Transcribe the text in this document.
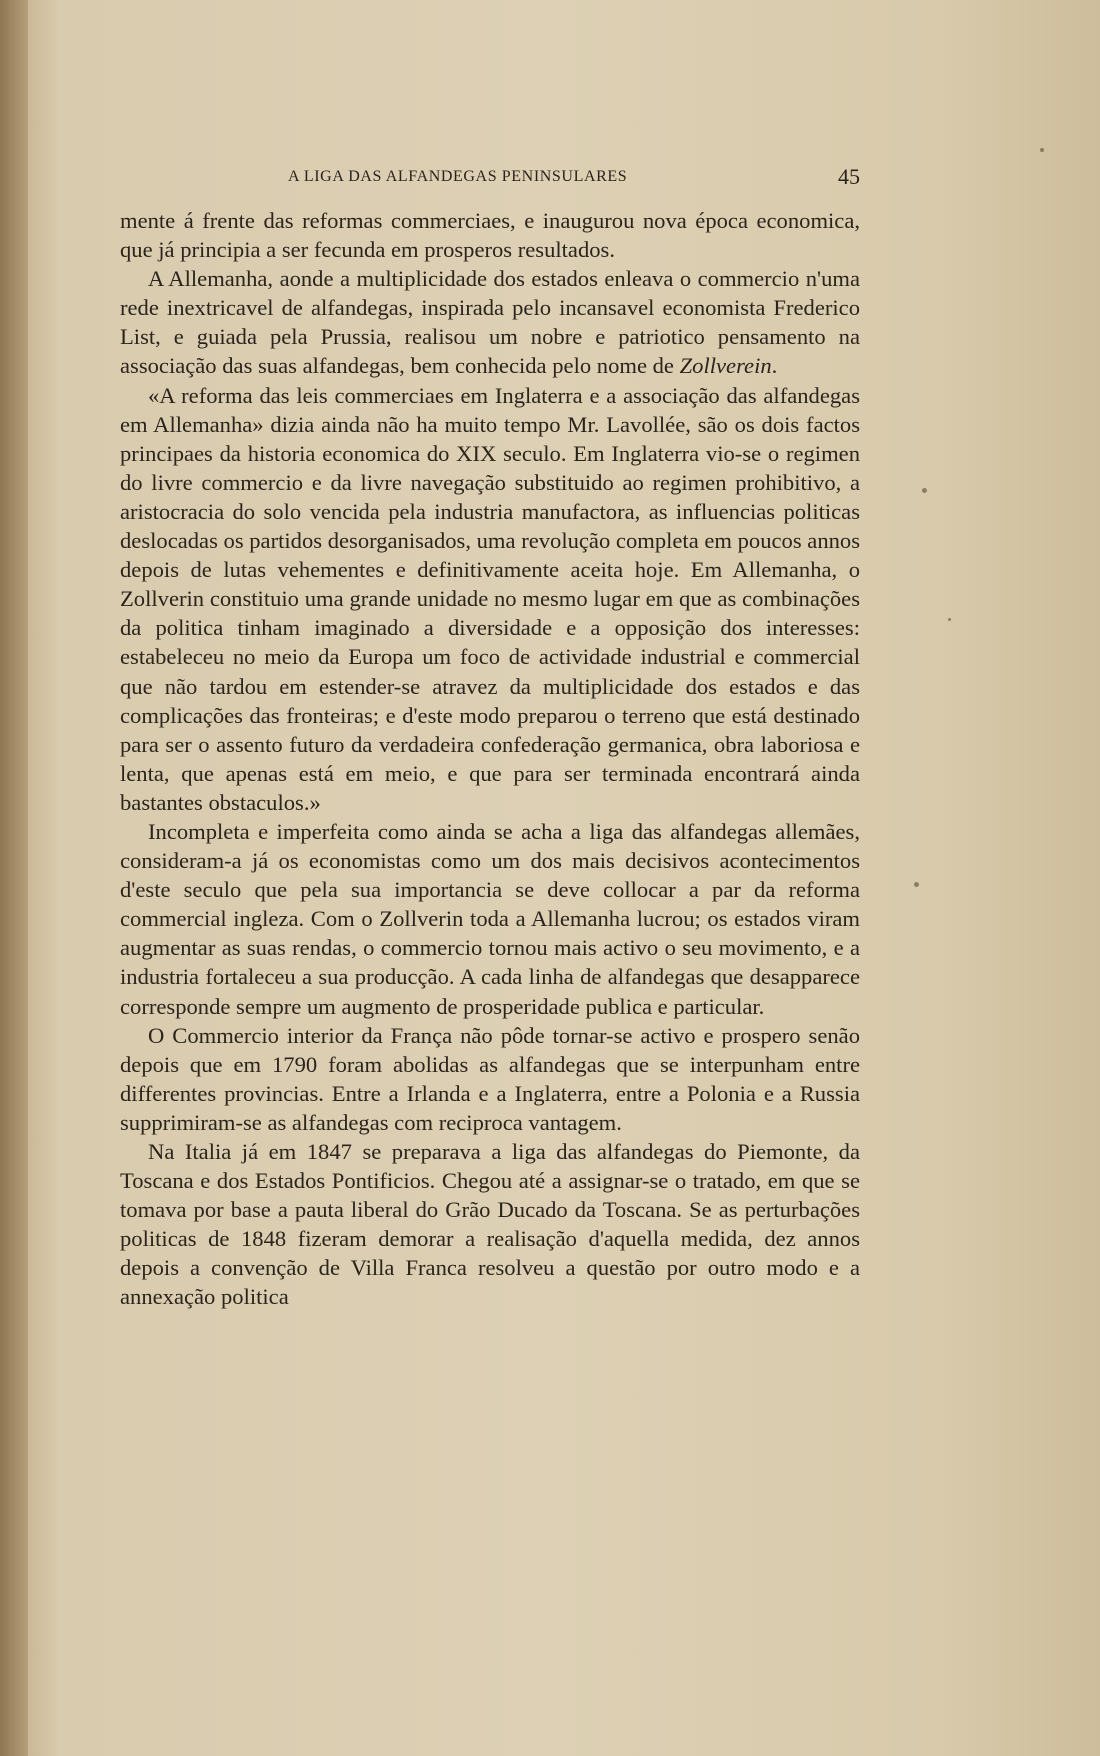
A LIGA DAS ALFANDEGAS PENINSULARES	45

mente á frente das reformas commerciaes, e inaugurou nova época economica, que já principia a ser fecunda em prosperos resultados.

A Allemanha, aonde a multiplicidade dos estados enleava o commercio n'uma rede inextricavel de alfandegas, inspirada pelo incansavel economista Frederico List, e guiada pela Prussia, realisou um nobre e patriotico pensamento na associação das suas alfandegas, bem conhecida pelo nome de Zollverein.

«A reforma das leis commerciaes em Inglaterra e a associação das alfandegas em Allemanha» dizia ainda não ha muito tempo Mr. Lavollée, são os dois factos principaes da historia economica do XIX seculo. Em Inglaterra vio-se o regimen do livre commercio e da livre navegação substituido ao regimen prohibitivo, a aristocracia do solo vencida pela industria manufactora, as influencias politicas deslocadas os partidos desorganisados, uma revolução completa em poucos annos depois de lutas vehementes e definitivamente aceita hoje. Em Allemanha, o Zollverin constituio uma grande unidade no mesmo lugar em que as combinações da politica tinham imaginado a diversidade e a opposição dos interesses: estabeleceu no meio da Europa um foco de actividade industrial e commercial que não tardou em estender-se atravez da multiplicidade dos estados e das complicações das fronteiras; e d'este modo preparou o terreno que está destinado para ser o assento futuro da verdadeira confederação germanica, obra laboriosa e lenta, que apenas está em meio, e que para ser terminada encontrará ainda bastantes obstaculos.»

Incompleta e imperfeita como ainda se acha a liga das alfandegas allemães, consideram-a já os economistas como um dos mais decisivos acontecimentos d'este seculo que pela sua importancia se deve collocar a par da reforma commercial ingleza. Com o Zollverin toda a Allemanha lucrou; os estados viram augmentar as suas rendas, o commercio tornou mais activo o seu movimento, e a industria fortaleceu a sua producção. A cada linha de alfandegas que desapparece corresponde sempre um augmento de prosperidade publica e particular.

O Commercio interior da França não pôde tornar-se activo e prospero senão depois que em 1790 foram abolidas as alfandegas que se interpunham entre differentes provincias. Entre a Irlanda e a Inglaterra, entre a Polonia e a Russia supprimiram-se as alfandegas com reciproca vantagem.

Na Italia já em 1847 se preparava a liga das alfandegas do Piemonte, da Toscana e dos Estados Pontificios. Chegou até a assignar-se o tratado, em que se tomava por base a pauta liberal do Grão Ducado da Toscana. Se as perturbações politicas de 1848 fizeram demorar a realisação d'aquella medida, dez annos depois a convenção de Villa Franca resolveu a questão por outro modo e a annexação politica
